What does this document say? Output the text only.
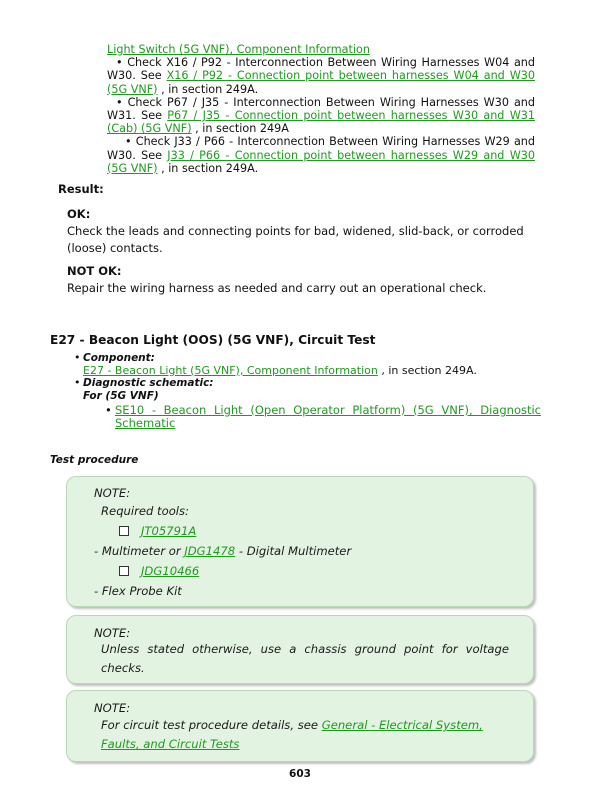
Light Switch (5G VNF), Component Information
• Check X16 / P92 - Interconnection Between Wiring Harnesses W04 and W30. See X16 / P92 - Connection point between harnesses W04 and W30 (5G VNF) , in section 249A.
• Check P67 / J35 - Interconnection Between Wiring Harnesses W30 and W31. See P67 / J35 - Connection point between harnesses W30 and W31 (Cab) (5G VNF) , in section 249A
• Check J33 / P66 - Interconnection Between Wiring Harnesses W29 and W30. See J33 / P66 - Connection point between harnesses W29 and W30 (5G VNF) , in section 249A.
Result:
OK:

Check the leads and connecting points for bad, widened, slid-back, or corroded (loose) contacts.

NOT OK:

Repair the wiring harness as needed and carry out an operational check.

E27 - Beacon Light (OOS) (5G VNF), Circuit Test
• Component:
E27 - Beacon Light (5G VNF), Component Information , in section 249A.
• Diagnostic schematic:
For (5G VNF)
• SE10 - Beacon Light (Open Operator Platform) (5G VNF), Diagnostic Schematic
Test procedure
NOTE:
Required tools:
JT05791A
- Multimeter or JDG1478 - Digital Multimeter
JDG10466
- Flex Probe Kit
NOTE:
Unless stated otherwise, use a chassis ground point for voltage checks.
NOTE:
For circuit test procedure details, see General - Electrical System, Faults, and Circuit Tests
603
